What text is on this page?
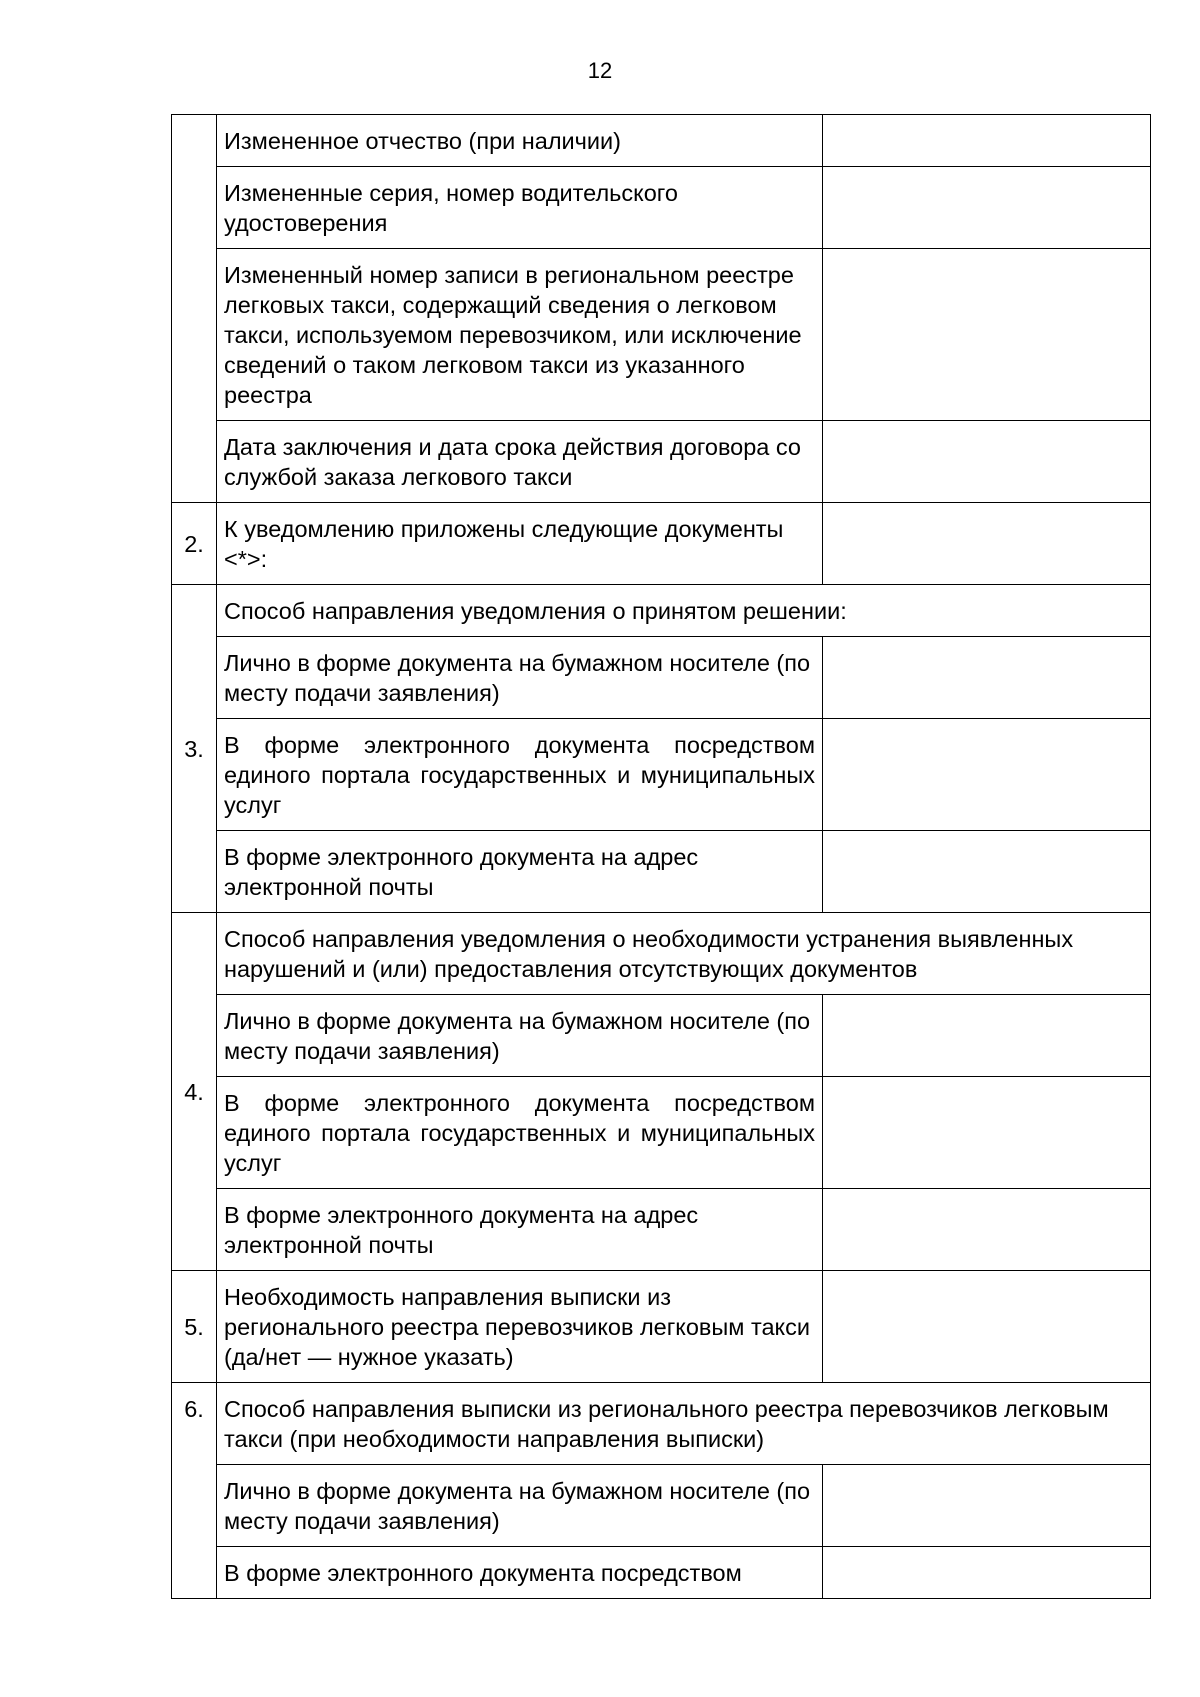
12
	Измененное отчество (при наличии)	
	Измененные серия, номер водительского удостоверения	
	Измененный номер записи в региональном реестре легковых такси, содержащий сведения о легковом такси, используемом перевозчиком, или исключение сведений о таком легковом такси из указанного реестра	
	Дата заключения и дата срока действия договора со службой заказа легкового такси	
2.	К уведомлению приложены следующие документы <*>:	
3.	Способ направления уведомления о принятом решении:	
	Лично в форме документа на бумажном носителе (по месту подачи заявления)	
	В форме электронного документа посредством единого портала государственных и муниципальных услуг	
	В форме электронного документа на адрес электронной почты	
4.	Способ направления уведомления о необходимости устранения выявленных нарушений и (или) предоставления отсутствующих документов	
	Лично в форме документа на бумажном носителе (по месту подачи заявления)	
	В форме электронного документа посредством единого портала государственных и муниципальных услуг	
	В форме электронного документа на адрес электронной почты	
5.	Необходимость направления выписки из регионального реестра перевозчиков легковым такси (да/нет — нужное указать)	
6.	Способ направления выписки из регионального реестра перевозчиков легковым такси (при необходимости направления выписки)	
	Лично в форме документа на бумажном носителе (по месту подачи заявления)	
	В форме электронного документа посредством	
